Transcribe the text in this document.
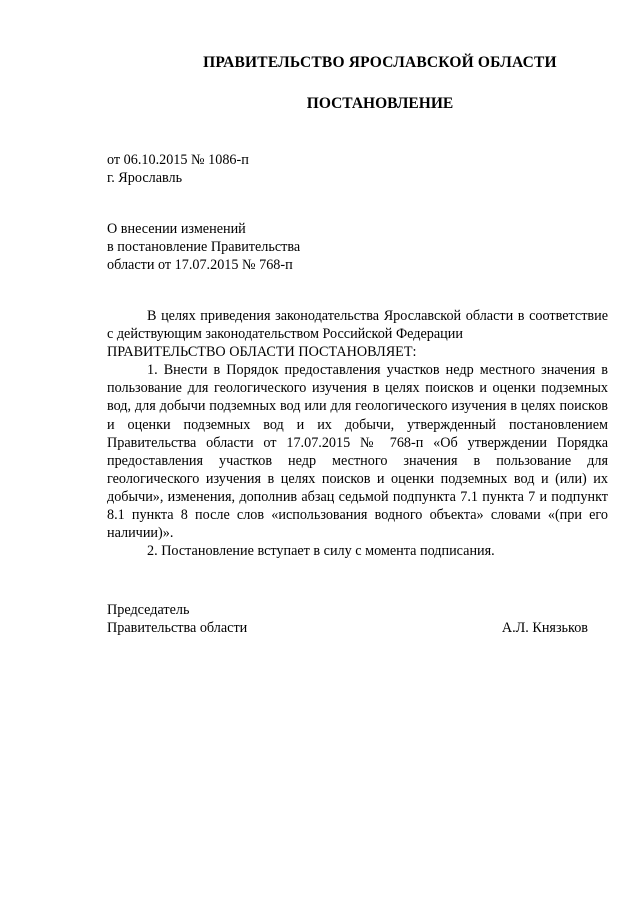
ПРАВИТЕЛЬСТВО ЯРОСЛАВСКОЙ ОБЛАСТИ
ПОСТАНОВЛЕНИЕ
от 06.10.2015 № 1086-п
г. Ярославль
О внесении изменений
в постановление Правительства
области от 17.07.2015 № 768-п

В целях приведения законодательства Ярославской области в соответствие с действующим законодательством Российской Федерации

ПРАВИТЕЛЬСТВО ОБЛАСТИ ПОСТАНОВЛЯЕТ:

1. Внести в Порядок предоставления участков недр местного значения в пользование для геологического изучения в целях поисков и оценки подземных вод, для добычи подземных вод или для геологического изучения в целях поисков и оценки подземных вод и их добычи, утвержденный постановлением Правительства области от 17.07.2015 № 768-п «Об утверждении Порядка предоставления участков недр местного значения в пользование для геологического изучения в целях поисков и оценки подземных вод и (или) их добычи», изменения, дополнив абзац седьмой подпункта 7.1 пункта 7 и подпункт 8.1 пункта 8 после слов «использования водного объекта» словами «(при его наличии)».

2. Постановление вступает в силу с момента подписания.

Председатель
Правительства области	А.Л. Князьков
